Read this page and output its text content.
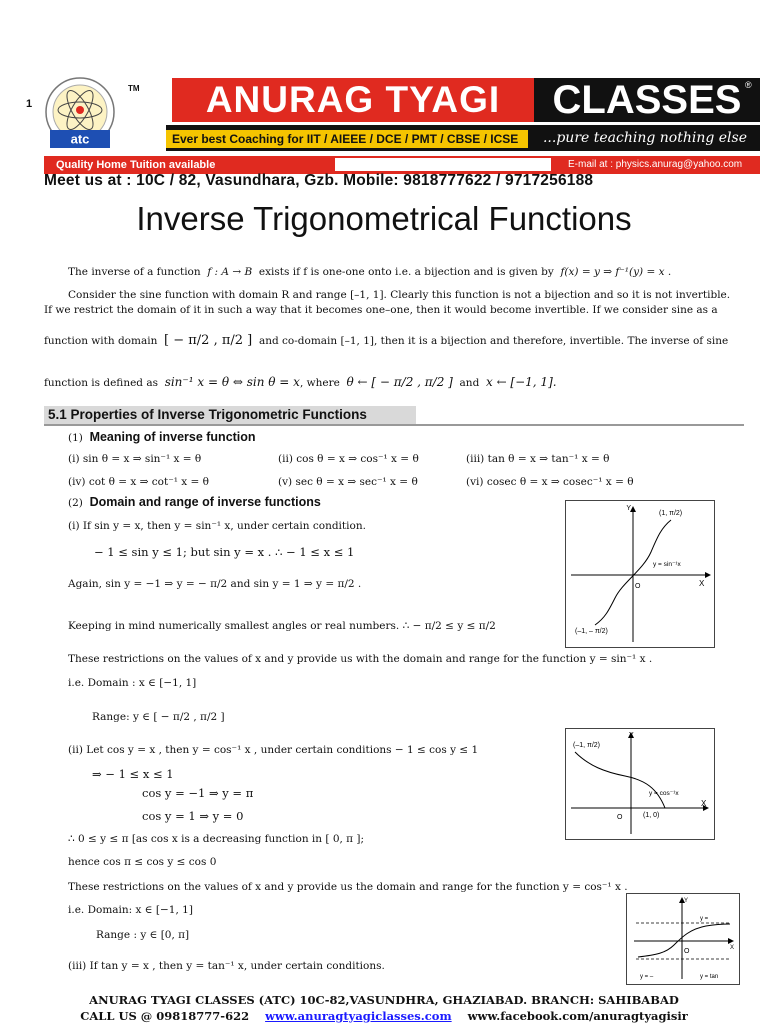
1
atc
TM	ANURAG TYAGI	CLASSES ®
Ever best Coaching for IIT / AIEEE / DCE / PMT / CBSE / ICSE	...pure teaching nothing else
Quality Home Tuition available	Website : www.anuragtyagiclasses.com	E-mail at : physics.anurag@yahoo.com
Meet us at : 10C / 82, Vasundhara, Gzb. Mobile: 9818777622 / 9717256188
Inverse Trigonometrical Functions
The inverse of a function f : A → B exists if f is one-one onto i.e. a bijection and is given by f(x) = y ⇒ f⁻¹(y) = x .
Consider the sine function with domain R and range [–1, 1]. Clearly this function is not a bijection and so it is not invertible.
If we restrict the domain of it in such a way that it becomes one–one, then it would become invertible. If we consider sine as a
function with domain [ − π/2 , π/2 ] and co-domain [–1, 1], then it is a bijection and therefore, invertible. The inverse of sine
function is defined as sin⁻¹ x = θ ⇔ sin θ = x, where θ ← [ − π/2 , π/2 ] and x ← [−1, 1].
5.1 Properties of Inverse Trigonometric Functions
(1) Meaning of inverse function
(i) sin θ = x ⇒ sin⁻¹ x = θ	(ii) cos θ = x ⇒ cos⁻¹ x = θ	(iii) tan θ = x ⇒ tan⁻¹ x = θ
(iv) cot θ = x ⇒ cot⁻¹ x = θ	(v) sec θ = x ⇒ sec⁻¹ x = θ	(vi) cosec θ = x ⇒ cosec⁻¹ x = θ
(2) Domain and range of inverse functions
(i) If sin y = x, then y = sin⁻¹ x, under certain condition.
− 1 ≤ sin y ≤ 1; but sin y = x . ∴ − 1 ≤ x ≤ 1
Again, sin y = −1 ⇒ y = − π/2 and sin y = 1 ⇒ y = π/2 .
Keeping in mind numerically smallest angles or real numbers. ∴ − π/2 ≤ y ≤ π/2
These restrictions on the values of x and y provide us with the domain and range for the function y = sin⁻¹ x .
i.e. Domain : x ∈ [−1, 1]
Range: y ∈ [ − π/2 , π/2 ]
(ii) Let cos y = x , then y = cos⁻¹ x , under certain conditions − 1 ≤ cos y ≤ 1
⇒ − 1 ≤ x ≤ 1
cos y = −1 ⇒ y = π
cos y = 1 ⇒ y = 0
∴ 0 ≤ y ≤ π [as cos x is a decreasing function in [ 0, π ];
hence cos π ≤ cos y ≤ cos 0
These restrictions on the values of x and y provide us the domain and range for the function y = cos⁻¹ x .
i.e. Domain: x ∈ [−1, 1]
Range : y ∈ [0, π]
(iii) If tan y = x , then y = tan⁻¹ x, under certain conditions.
Y
X
O
(1, π/2)
(–1, – π/2)
y = sin⁻¹x
Y
X
O
(–1, π/2)
(1, 0)
y = cos⁻¹x
Y
X
O
y =
y = –	y = tan
ANURAG TYAGI CLASSES (ATC) 10C-82,VASUNDHRA, GHAZIABAD. BRANCH: SAHIBABAD
CALL US @ 09818777-622 www.anuragtyagiclasses.com www.facebook.com/anuragtyagisir
